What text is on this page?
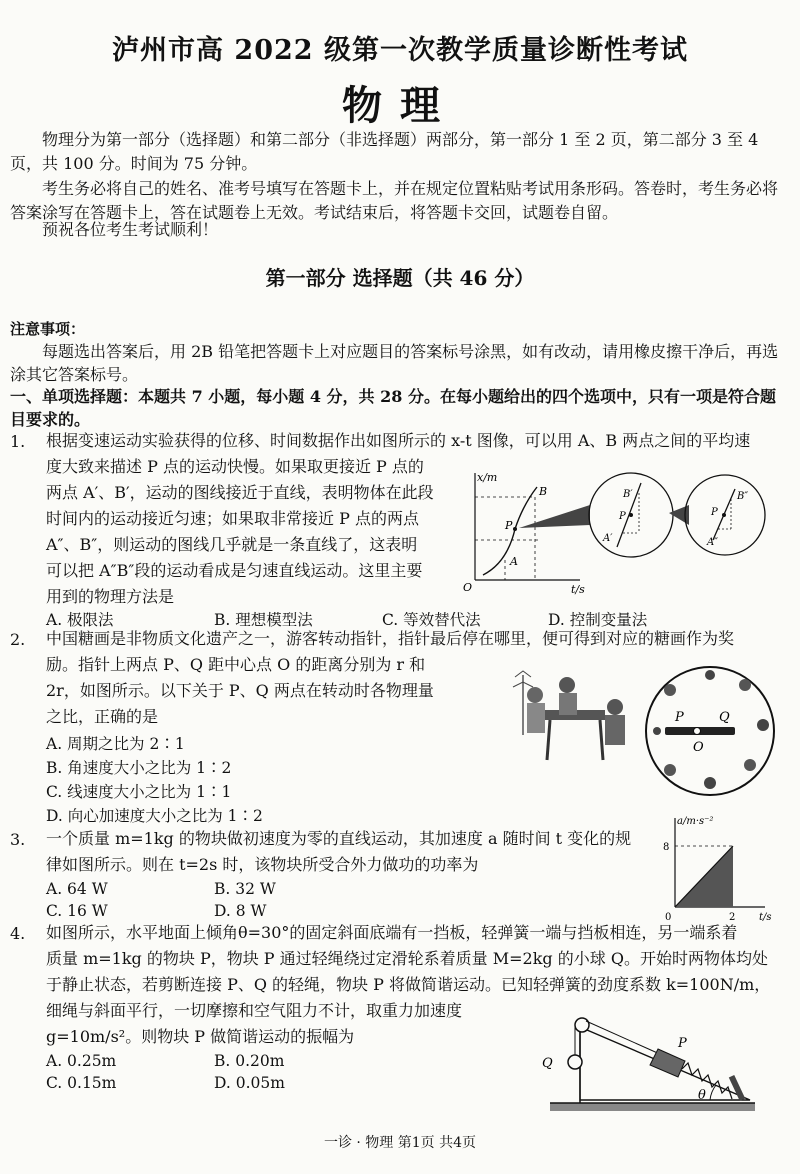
泸州市高 2022 级第一次教学质量诊断性考试
物理
物理分为第一部分（选择题）和第二部分（非选择题）两部分，第一部分 1 至 2 页，第二部分 3 至 4 页，共 100 分。时间为 75 分钟。
考生务必将自己的姓名、准考号填写在答题卡上，并在规定位置粘贴考试用条形码。答卷时，考生务必将答案涂写在答题卡上，答在试题卷上无效。考试结束后，将答题卡交回，试题卷自留。
预祝各位考生考试顺利！
第一部分 选择题（共 46 分）
注意事项：
每题选出答案后，用 2B 铅笔把答题卡上对应题目的答案标号涂黑，如有改动，请用橡皮擦干净后，再选涂其它答案标号。
一、单项选择题：本题共 7 小题，每小题 4 分，共 28 分。在每小题给出的四个选项中，只有一项是符合题目要求的。
1. 根据变速运动实验获得的位移、时间数据作出如图所示的 x-t 图像，可以用 A、B 两点之间的平均速
度大致来描述 P 点的运动快慢。如果取更接近 P 点的
两点 A′、B′，运动的图线接近于直线，表明物体在此段
时间内的运动接近匀速；如果取非常接近 P 点的两点
A″、B″，则运动的图线几乎就是一条直线了，这表明
可以把 A″B″段的运动看成是匀速直线运动。这里主要
用到的物理方法是
A. 极限法	B. 理想模型法	C. 等效替代法	D. 控制变量法
x/m
t/s
O
B
A
P
B′
A′
P
B″
A″
P
2. 中国糖画是非物质文化遗产之一，游客转动指针，指针最后停在哪里，便可得到对应的糖画作为奖
励。指针上两点 P、Q 距中心点 O 的距离分别为 r 和
2r，如图所示。以下关于 P、Q 两点在转动时各物理量
之比，正确的是
A. 周期之比为 2∶1
B. 角速度大小之比为 1∶2
C. 线速度大小之比为 1∶1
D. 向心加速度大小之比为 1∶2
P	Q
O
3. 一个质量 m=1kg 的物块做初速度为零的直线运动，其加速度 a 随时间 t 变化的规
律如图所示。则在 t=2s 时，该物块所受合外力做功的功率为
A. 64 W	B. 32 W
C. 16 W	D. 8 W
a/m·s⁻²
t/s
0
8
2
4. 如图所示，水平地面上倾角θ=30°的固定斜面底端有一挡板，轻弹簧一端与挡板相连，另一端系着
质量 m=1kg 的物块 P，物块 P 通过轻绳绕过定滑轮系着质量 M=2kg 的小球 Q。开始时两物体均处
于静止状态，若剪断连接 P、Q 的轻绳，物块 P 将做简谐运动。已知轻弹簧的劲度系数 k=100N/m，
细绳与斜面平行，一切摩擦和空气阻力不计，取重力加速度
g=10m/s²。则物块 P 做简谐运动的振幅为
A. 0.25m	B. 0.20m
C. 0.15m	D. 0.05m
P
Q
θ
一诊 · 物理 第1页 共4页
